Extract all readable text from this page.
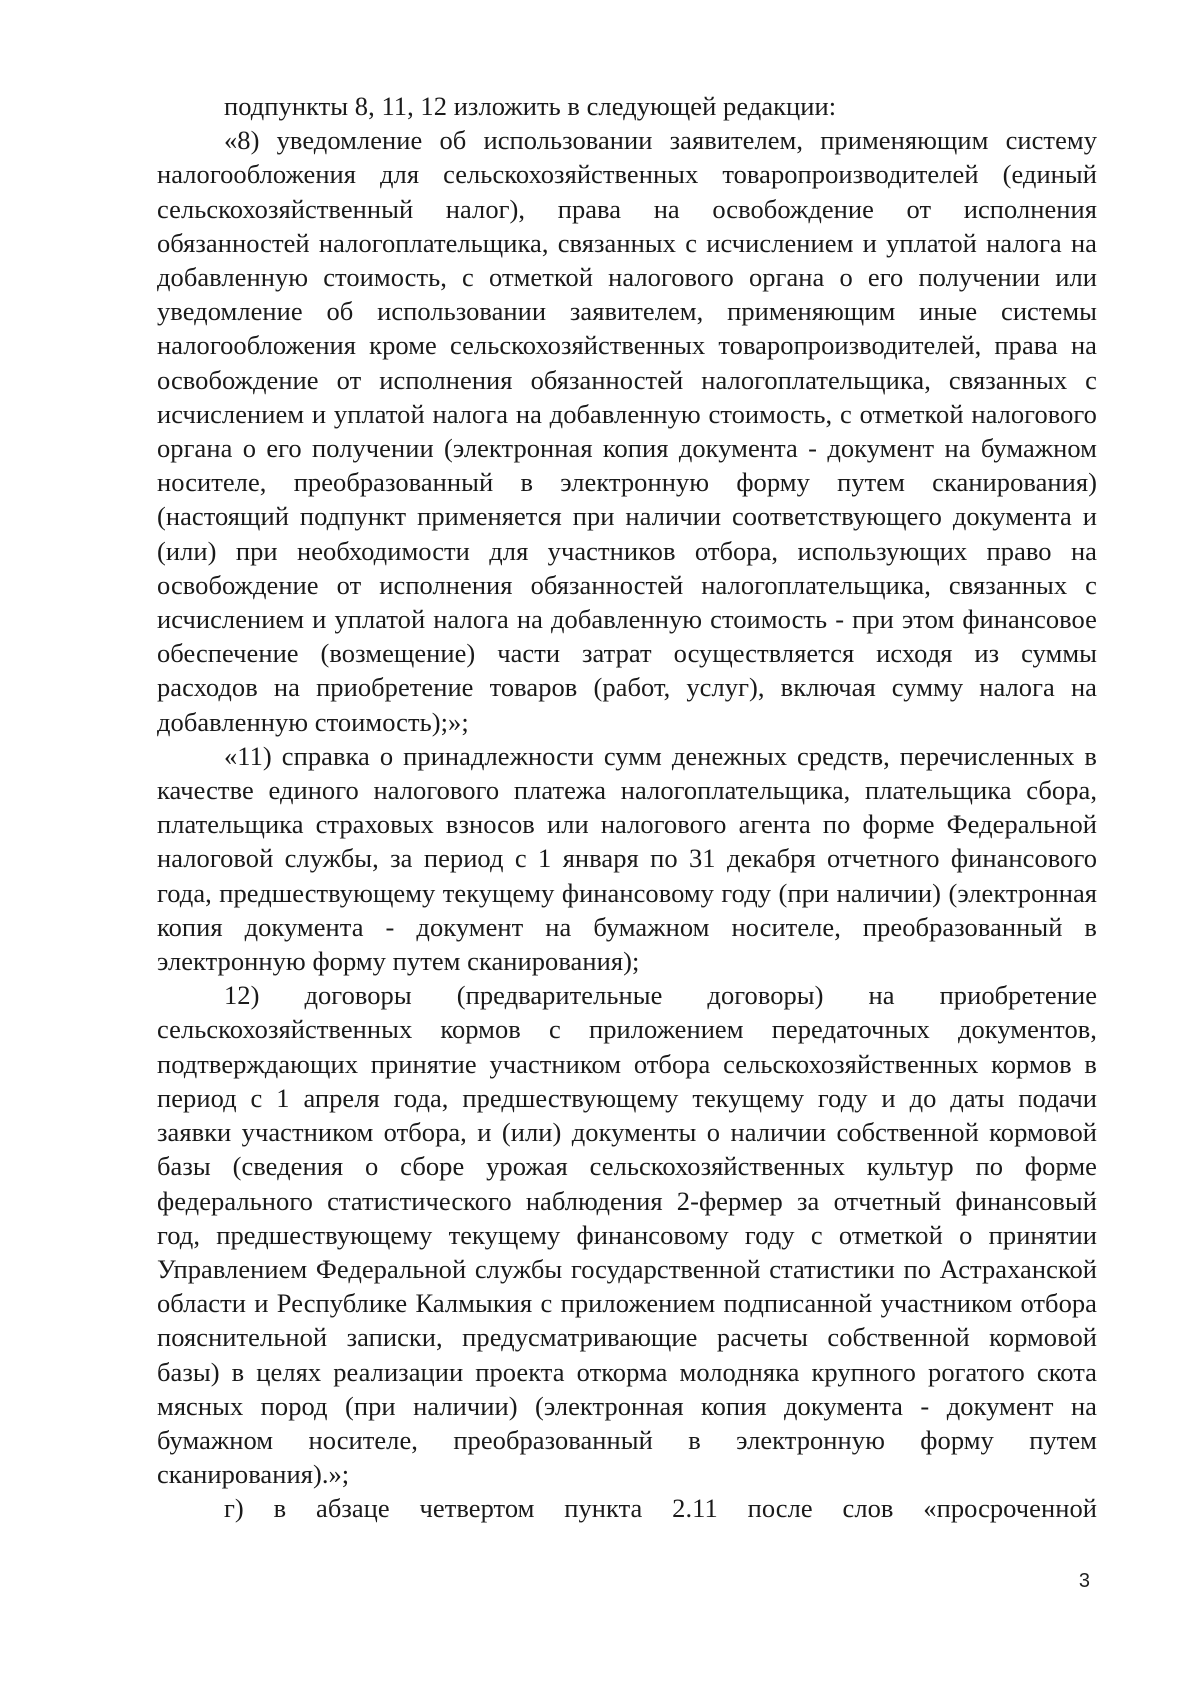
подпункты 8, 11, 12 изложить в следующей редакции:

«8) уведомление об использовании заявителем, применяющим систему налогообложения для сельскохозяйственных товаропроизводителей (единый сельскохозяйственный налог), права на освобождение от исполнения обязанностей налогоплательщика, связанных с исчислением и уплатой налога на добавленную стоимость, с отметкой налогового органа о его получении или уведомление об использовании заявителем, применяющим иные системы налогообложения кроме сельскохозяйственных товаропроизводителей, права на освобождение от исполнения обязанностей налогоплательщика, связанных с исчислением и уплатой налога на добавленную стоимость, с отметкой налогового органа о его получении (электронная копия документа - документ на бумажном носителе, преобразованный в электронную форму путем сканирования) (настоящий подпункт применяется при наличии соответствующего документа и (или) при необходимости для участников отбора, использующих право на освобождение от исполнения обязанностей налогоплательщика, связанных с исчислением и уплатой налога на добавленную стоимость - при этом финансовое обеспечение (возмещение) части затрат осуществляется исходя из суммы расходов на приобретение товаров (работ, услуг), включая сумму налога на добавленную стоимость);»;

«11) справка о принадлежности сумм денежных средств, перечисленных в качестве единого налогового платежа налогоплательщика, плательщика сбора, плательщика страховых взносов или налогового агента по форме Федеральной налоговой службы, за период с 1 января по 31 декабря отчетного финансового года, предшествующему текущему финансовому году (при наличии) (электронная копия документа - документ на бумажном носителе, преобразованный в электронную форму путем сканирования);

12) договоры (предварительные договоры) на приобретение сельскохозяйственных кормов с приложением передаточных документов, подтверждающих принятие участником отбора сельскохозяйственных кормов в период с 1 апреля года, предшествующему текущему году и до даты подачи заявки участником отбора, и (или) документы о наличии собственной кормовой базы (сведения о сборе урожая сельскохозяйственных культур по форме федерального статистического наблюдения 2-фермер за отчетный финансовый год, предшествующему текущему финансовому году с отметкой о принятии Управлением Федеральной службы государственной статистики по Астраханской области и Республике Калмыкия с приложением подписанной участником отбора пояснительной записки, предусматривающие расчеты собственной кормовой базы) в целях реализации проекта откорма молодняка крупного рогатого скота мясных пород (при наличии) (электронная копия документа - документ на бумажном носителе, преобразованный в электронную форму путем сканирования).»;

г) в абзаце четвертом пункта 2.11 после слов «просроченной

3
